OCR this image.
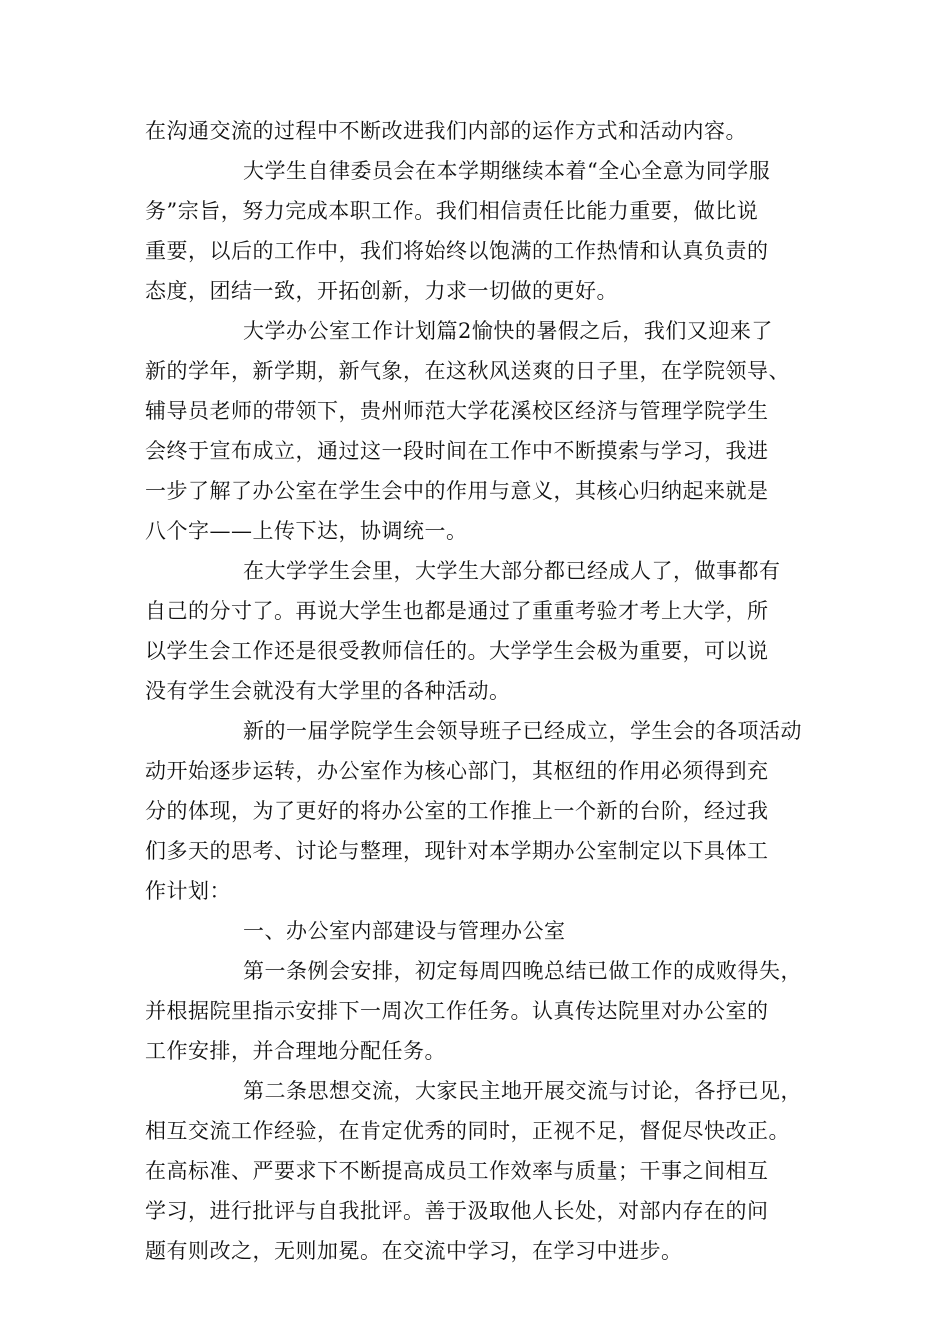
在沟通交流的过程中不断改进我们内部的运作方式和活动内容。
大学生自律委员会在本学期继续本着“全心全意为同学服
务”宗旨，努力完成本职工作。我们相信责任比能力重要，做比说
重要，以后的工作中，我们将始终以饱满的工作热情和认真负责的
态度，团结一致，开拓创新，力求一切做的更好。
大学办公室工作计划篇2愉快的暑假之后，我们又迎来了
新的学年，新学期，新气象，在这秋风送爽的日子里，在学院领导、
辅导员老师的带领下，贵州师范大学花溪校区经济与管理学院学生
会终于宣布成立，通过这一段时间在工作中不断摸索与学习，我进
一步了解了办公室在学生会中的作用与意义，其核心归纳起来就是
八个字——上传下达，协调统一。
在大学学生会里，大学生大部分都已经成人了，做事都有
自己的分寸了。再说大学生也都是通过了重重考验才考上大学，所
以学生会工作还是很受教师信任的。大学学生会极为重要，可以说
没有学生会就没有大学里的各种活动。
新的一届学院学生会领导班子已经成立，学生会的各项活动
动开始逐步运转，办公室作为核心部门，其枢纽的作用必须得到充
分的体现，为了更好的将办公室的工作推上一个新的台阶，经过我
们多天的思考、讨论与整理，现针对本学期办公室制定以下具体工
作计划：
一、办公室内部建设与管理办公室
第一条例会安排，初定每周四晚总结已做工作的成败得失，
并根据院里指示安排下一周次工作任务。认真传达院里对办公室的
工作安排，并合理地分配任务。
第二条思想交流，大家民主地开展交流与讨论，各抒已见，
相互交流工作经验，在肯定优秀的同时，正视不足，督促尽快改正。
在高标准、严要求下不断提高成员工作效率与质量；干事之间相互
学习，进行批评与自我批评。善于汲取他人长处，对部内存在的问
题有则改之，无则加冕。在交流中学习，在学习中进步。
